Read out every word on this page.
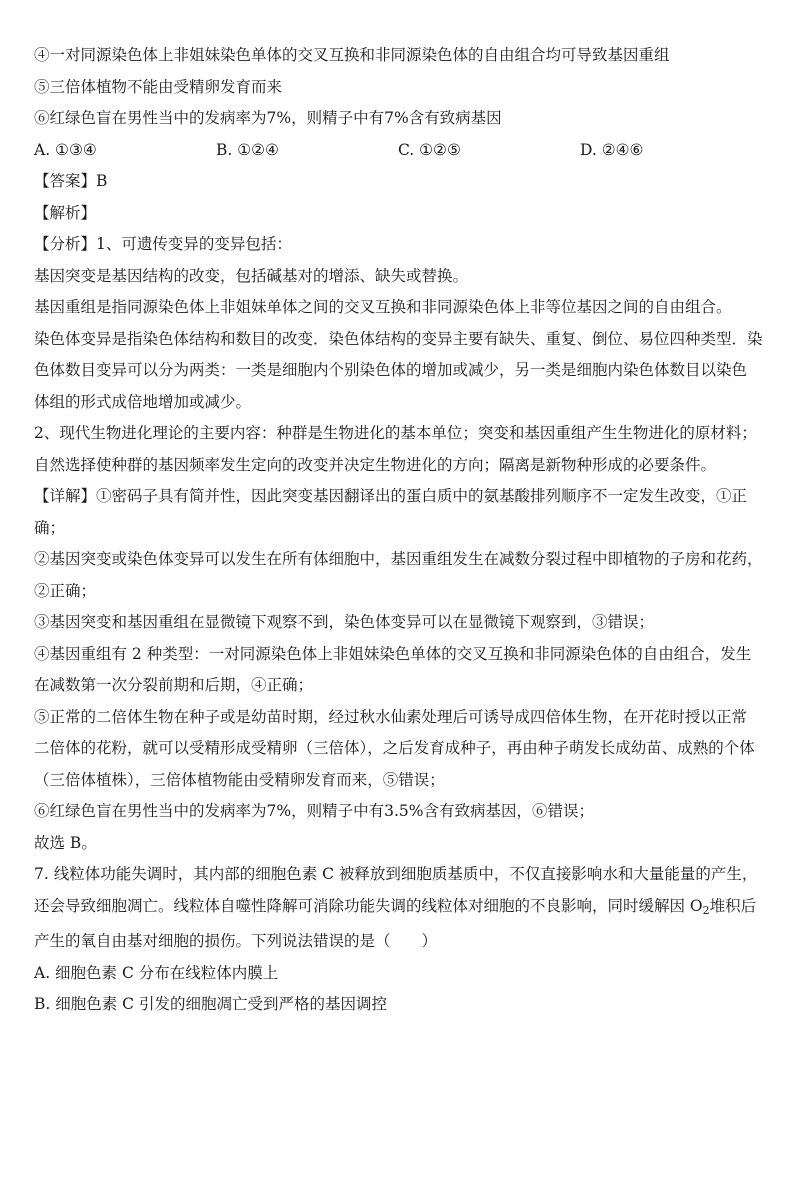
④一对同源染色体上非姐妹染色单体的交叉互换和非同源染色体的自由组合均可导致基因重组
⑤三倍体植物不能由受精卵发育而来
⑥红绿色盲在男性当中的发病率为7%，则精子中有7%含有致病基因
A. ①③④	B. ①②④	C. ①②⑤	D. ②④⑥
【答案】B
【解析】
【分析】1、可遗传变异的变异包括：
基因突变是基因结构的改变，包括碱基对的增添、缺失或替换。
基因重组是指同源染色体上非姐妹单体之间的交叉互换和非同源染色体上非等位基因之间的自由组合。
染色体变异是指染色体结构和数目的改变．染色体结构的变异主要有缺失、重复、倒位、易位四种类型．染
色体数目变异可以分为两类：一类是细胞内个别染色体的增加或减少，另一类是细胞内染色体数目以染色
体组的形式成倍地增加或减少。
2、现代生物进化理论的主要内容：种群是生物进化的基本单位；突变和基因重组产生生物进化的原材料；
自然选择使种群的基因频率发生定向的改变并决定生物进化的方向；隔离是新物种形成的必要条件。
【详解】①密码子具有简并性，因此突变基因翻译出的蛋白质中的氨基酸排列顺序不一定发生改变，①正
确；
②基因突变或染色体变异可以发生在所有体细胞中，基因重组发生在减数分裂过程中即植物的子房和花药，
②正确；
③基因突变和基因重组在显微镜下观察不到，染色体变异可以在显微镜下观察到，③错误；
④基因重组有 2 种类型：一对同源染色体上非姐妹染色单体的交叉互换和非同源染色体的自由组合，发生
在减数第一次分裂前期和后期，④正确；
⑤正常的二倍体生物在种子或是幼苗时期，经过秋水仙素处理后可诱导成四倍体生物，在开花时授以正常
二倍体的花粉，就可以受精形成受精卵（三倍体），之后发育成种子，再由种子萌发长成幼苗、成熟的个体
（三倍体植株），三倍体植物能由受精卵发育而来，⑤错误；
⑥红绿色盲在男性当中的发病率为7%，则精子中有3.5%含有致病基因，⑥错误；
故选 B。
7. 线粒体功能失调时，其内部的细胞色素 C 被释放到细胞质基质中，不仅直接影响水和大量能量的产生，
还会导致细胞凋亡。线粒体自噬性降解可消除功能失调的线粒体对细胞的不良影响，同时缓解因 $O_2$堆积后
产生的氧自由基对细胞的损伤。下列说法错误的是（　　）
A. 细胞色素 C 分布在线粒体内膜上
B. 细胞色素 C 引发的细胞凋亡受到严格的基因调控
